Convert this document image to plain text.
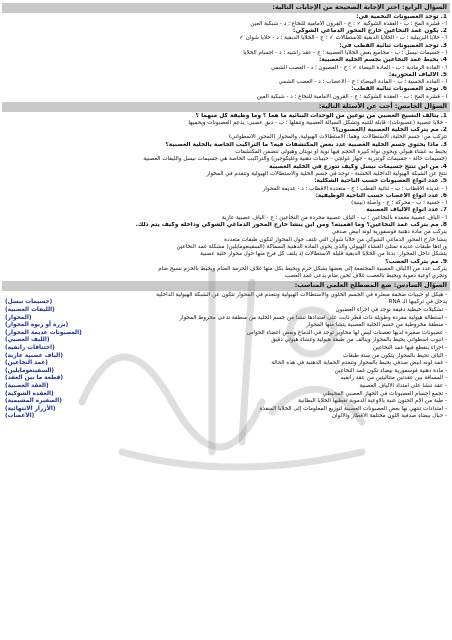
السؤال الرابع: اختر الإجابة الصحيحة من الإجابات التالية:
1. توجد العصبونات النخمية في:
أ - قشرة المخ ؛ ب - العقدة الشوكية ✓ ؛ ج - القرون الأمامية للنخاع ؛ د - شبكية العين
2. يكون غمد النخاعين خارج المحور الدماغي الشوكي:
أ - خلايا البربيلية ؛ ب - الخلايا الدبقية للاستطالات ✓ ؛ ج - الخلايا الدبقية ؛ د - خلايا شوان ✓
3. توجد العصبونات ثنائية القطب في:
أ - جسيمات نيسل ؛ ب - مجاميع بعض الخلايا العصبية ؛ ج - عقد راشيه ؛ د - أجسام الخلايا
4. يحيط غمد النخاعين بجسم الخلية العصبية:
أ - المادة الرمادية ؛ ب - المادة البيضاء ✓ ؛ ج - العصبون ؛ د - العصب الشمي
5. الألياف المحورية:
أ - الماده الحسية ؛ ب - المادة البيضاء ؛ ج - الأعصاب ؛ د - العصب الشمي
6. توجد العصبونات ثنائية القطب:
أ - قشرة المخ ؛ ب - العقدة الشوكية ؛ ج - القرون الأمامية للنخاع ؛ د - شبكية العين
السؤال الخامس: أجب عن الأسئلة التالية:
1. يتألف النسيج العصبي من نوعين من الوحدات البنائية ما هما ؟ وما وظيفة كل منهما ؟
- خلايا عصبية (عصبونات): قابلة للتنبه وتشكل السيالة العصبية وتنقلها ؛ ب - دبق عصبي: يدعم العصبونات ويحميها
2. مم يتركب الخلية العصبية (العصبون)؟
تتركب من: جسم الخلية، الاستطالات، وهما: الاستطالات الهيولية، والمحوار (المحور الأسطواني)
3. ماذا يحتوي جسم الخلية العصبية عدد بعض المكتشفات فيه؟ ما التراكيب الخاصة بالخلية العصبية؟
يحيط به غشاء هيولي ويحوي نواة كبيرة الحجم فيها نوية أو نويتان وهيولى تتضمن المكتشفات
(جسيمات حالة - جسيمات كوندرية - جهاز غولجي - حبيبات دهنية وغليكوجين) والتراكيب الخاصة هي جسيمات نيسل والليفات العصبية
4. من أين تنتج جسيمات نيسل وكيف تتوزع في الخلية العصبية
تنتج عن الشبكة الهيولية الداخلية الخشنة - توجد في جسم الخلية والاستطالات الهيولية وتنعدم في المحوار
5. عدد أنواع العصبونات حسب الناحية الشكلية:
أ - عديدة الأقطاب ؛ ب - ثنائية القطب ؛ ج - متعددة الأقطاب ؛ د - عديمة المحوار
6. عدد أنواع الأعصاب حسب الناحية الوظيفية:
أ - حسية ؛ ب - محركة ؛ ج - واصلة (بينية)
7. عدد أنواع الألياف العصبية
أ - ألياف عصبية مغمدة بالنخاعين ؛ ب - ألياف عصبية مجردة من النخاعين ؛ ج - ألياف عصبية عارية
8. مم يتركب غمد النخاعين؟ وما أهميته؟ ومن أين ينشأ خارج المحور الدماغي الشوكي وداخله وكيف يتم ذلك.
يتركب من مادة دهنية فوسفورية لونه أبيض صدفي
ينشأ خارج المحور الدماغي الشوكي من خلايا شوان التي تلتف حول المحوار لتكون طبقات متعددة
وراءها طبقات عديدة تمتلئ الغشاء الهيولي والذي يحوي المادة الدهنية السماكة (السفينغومايلين) مشكلة غمد النخاعين
يتشكل داخل المحوار: بدءاً من الخلايا الدبقية قليلة الاستطالات إذ يلتف كل فرع منها حول محوار خلية عصبية
9. مم يتركب العصب؟
يتركب عدد من الألياف العصبية المجتمعة إلى بعضها بشكل حزم ويحيط بكل منها غلاف الحزمة الضام ويحيط بالحزم نسيج ضام
وتجري أوعية دموية ويحيط بالعصب غلاف ثخين ضام يدعى غمد العصب
السؤال السادس: ضع المصطلح العلمي المناسب:
- هيكل أو حبيبات ضخمة مبعثرة في الجسم الخلوي والاستطالات الهيولية وتنعدم في المحوار تتكون عن الشبكة الهيولية الداخلية
يدخل في تركيبها الـ RNA
(جسيمات نيسل)
- تشكيلات خيطية دقيقة توجد في أجزاء العصبون
(الليفات العصبية)
- استطالة هيولية مفردة وطويلة ذات قطر ثابت على امتدادها تنشأ من جسم الخلية من منطقة تدعى مخروط المحوار
(المحوار)
- منطقة مخروطية من جسم الخلية العصبية يتشأ منها المحوار
(بزرة أو ربوة المحوار)
- عصبونات صغيرة لديها تغصنات ليس لها محاوير توجد في الدماغ وبعض أعضاء الحواس
(العصبونات عديمة المحوار)
- أنبوب أسطواني يحيط بالمحوار ويتألف من طبقة هيولية وغشاء هيولي دقيق
(الليف العصبي)
- أجزاء ينقطع فيها غمد النخاعين
(اختناقات رانفيه)
- ألياف تحيط بالمحوار يتكون من ستة طبقات
(الياف عصبية عارية)
- غمد لونه أبيض صدفي يحيط بالمحوار وتنعدم الحماية الدهنية في هذه الحالة
(غمد النخاعين)
- مادة دهنية فوسفورية بيضاء تكون غمد النخاعين
(السفينغومايلين)
- المسافة بين عقدتين متتاليتين من عقد رانفيه
(قطعة ما بين العقد)
- عقد تنشأ على امتداد الألياف العصبية
(العقد العصبية)
- تجمع أجسام العصبونات في الجهاز العصبي المحيطي
(العقدة الشوكية)
- طية من الأم الحنون غنية بالأوعية الدموية تغطيها الخلايا البطانية
(الضفيرة المشيمية)
- امتدادات تنتهي بها بعض العصبونات العصبية لتوزيع المعلومات إلى الخلايا المنفذة
(الأزرار الانتهائية)
- حبال بيضاء صدفية اللون مختلفة الأقطار والألوان
(الأعصاب)
